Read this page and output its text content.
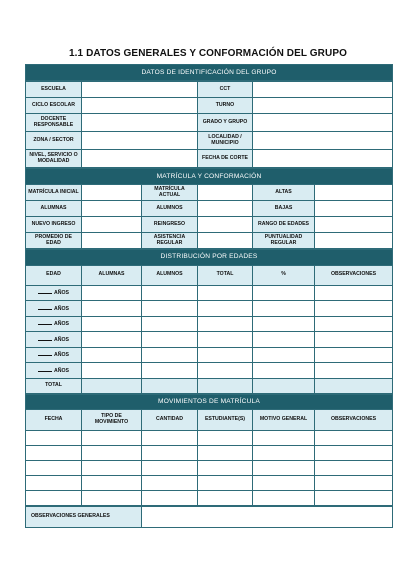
1.1 DATOS GENERALES Y CONFORMACIÓN DEL GRUPO
DATOS DE IDENTIFICACIÓN DEL GRUPO
ESCUELA		CCT	
CICLO ESCOLAR		TURNO	
DOCENTE RESPONSABLE		GRADO Y GRUPO	
ZONA / SECTOR		LOCALIDAD / MUNICIPIO	
NIVEL, SERVICIO O MODALIDAD		FECHA DE CORTE	
MATRÍCULA Y CONFORMACIÓN					
MATRÍCULA INICIAL		MATRÍCULA ACTUAL		ALTAS	
ALUMNAS		ALUMNOS		BAJAS	
NUEVO INGRESO		REINGRESO		RANGO DE EDADES	
PROMEDIO DE EDAD		ASISTENCIA REGULAR		PUNTUALIDAD REGULAR	
DISTRIBUCIÓN POR EDADES					
EDAD	ALUMNAS	ALUMNOS	TOTAL	%	OBSERVACIONES
AÑOS					
AÑOS					
AÑOS					
AÑOS					
AÑOS					
AÑOS					
TOTAL					
MOVIMIENTOS DE MATRÍCULA					
FECHA	TIPO DE MOVIMIENTO	CANTIDAD	ESTUDIANTE(S)	MOTIVO GENERAL	OBSERVACIONES

OBSERVACIONES GENERALES	
